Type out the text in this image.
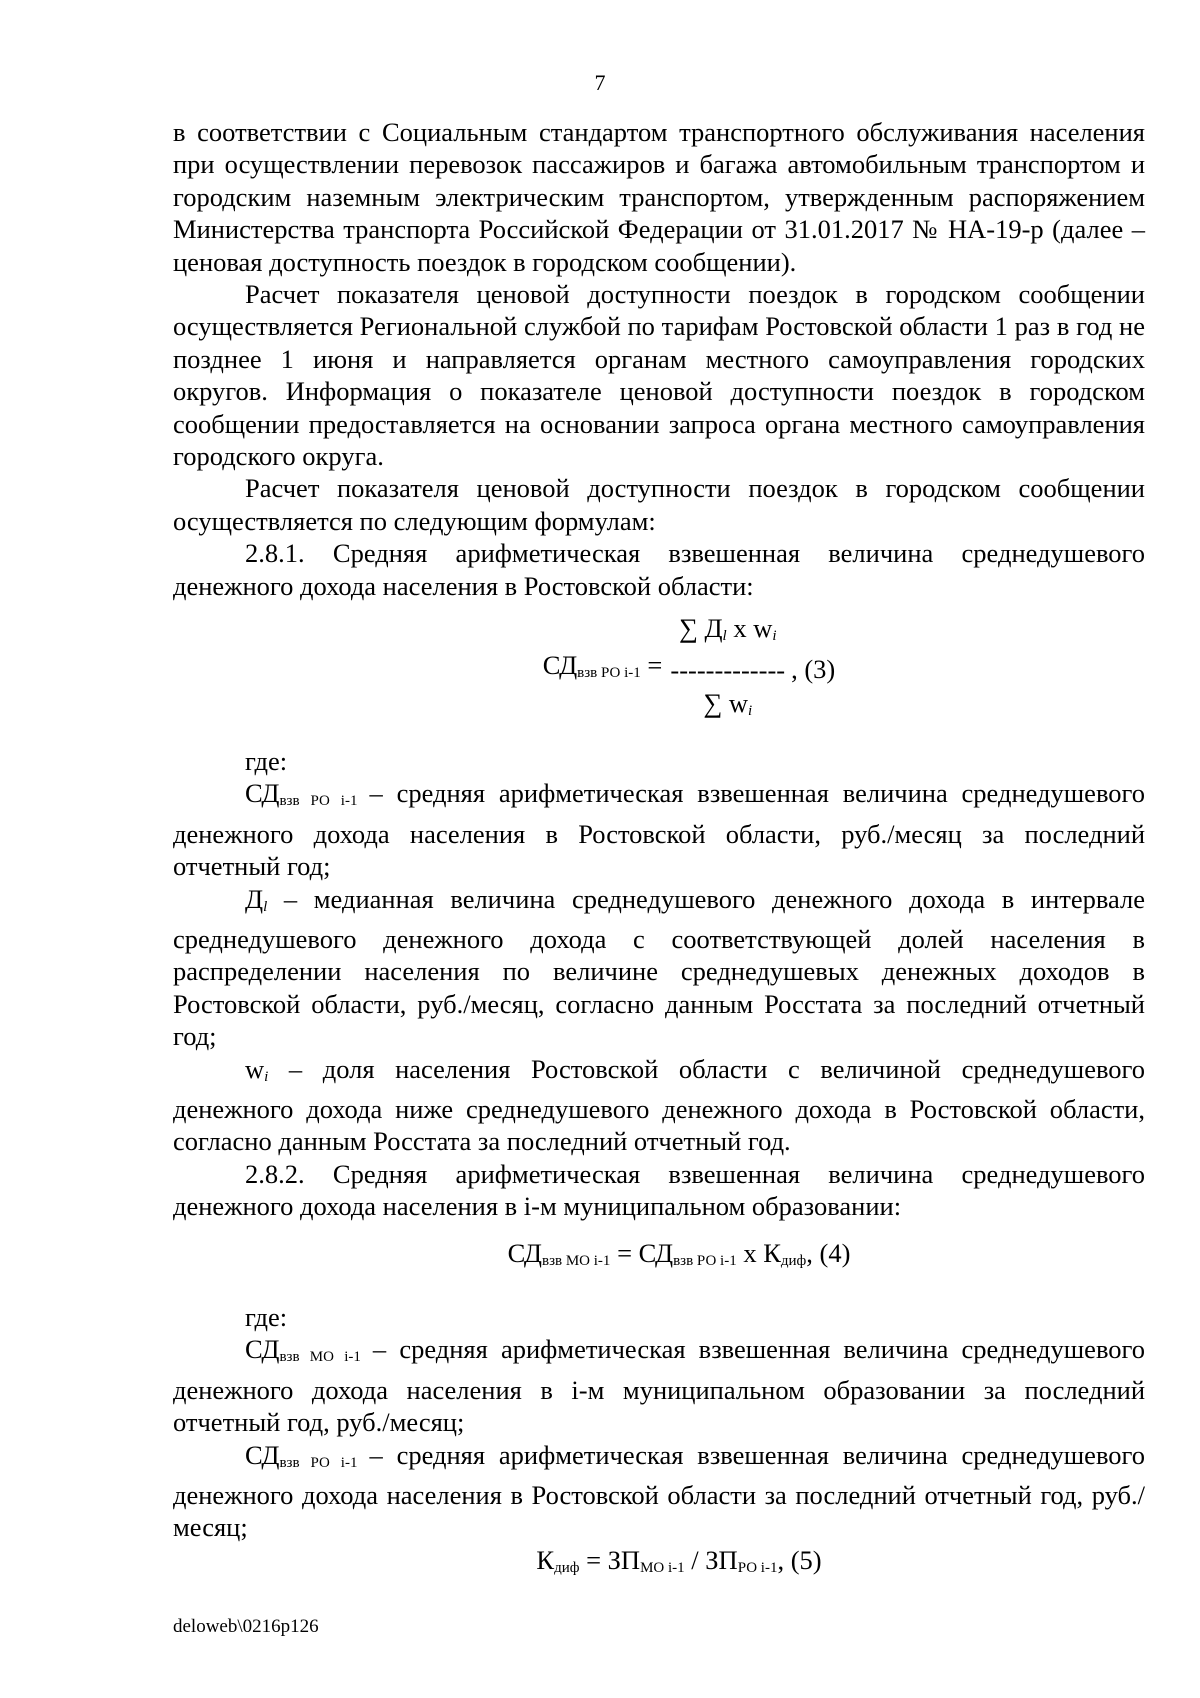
7

в соответствии с Социальным стандартом транспортного обслуживания населения при осуществлении перевозок пассажиров и багажа автомобильным транспортом и городским наземным электрическим транспортом, утвержденным распоряжением Министерства транспорта Российской Федерации от 31.01.2017 № НА-19-р (далее – ценовая доступность поездок в городском сообщении).

Расчет показателя ценовой доступности поездок в городском сообщении осуществляется Региональной службой по тарифам Ростовской области 1 раз в год не позднее 1 июня и направляется органам местного самоуправления городских округов. Информация о показателе ценовой доступности поездок в городском сообщении предоставляется на основании запроса органа местного самоуправления городского округа.

Расчет показателя ценовой доступности поездок в городском сообщении осуществляется по следующим формулам:

2.8.1. Средняя арифметическая взвешенная величина среднедушевого денежного дохода населения в Ростовской области:

$СД_{взв РО i-1}$ =
∑ $Д_l$ х $w_i$
-------------
∑ $w_i$
, (3)

где:

$СД_{взв РО i-1}$ – средняя арифметическая взвешенная величина среднедушевого денежного дохода населения в Ростовской области, руб./месяц за последний отчетный год;

$Д_l$ – медианная величина среднедушевого денежного дохода в интервале среднедушевого денежного дохода с соответствующей долей населения в распределении населения по величине среднедушевых денежных доходов в Ростовской области, руб./месяц, согласно данным Росстата за последний отчетный год;

$w_i$ – доля населения Ростовской области с величиной среднедушевого денежного дохода ниже среднедушевого денежного дохода в Ростовской области, согласно данным Росстата за последний отчетный год.

2.8.2. Средняя арифметическая взвешенная величина среднедушевого денежного дохода населения в i-м муниципальном образовании:

$СД_{взв МО i-1} = СД_{взв РО i-1}$ х $К_{диф}$, (4)

где:

$СД_{взв МО i-1}$ – средняя арифметическая взвешенная величина среднедушевого денежного дохода населения в i-м муниципальном образовании за последний отчетный год, руб./месяц;

$СД_{взв РО i-1}$ – средняя арифметическая взвешенная величина среднедушевого денежного дохода населения в Ростовской области за последний отчетный год, руб./месяц;

$К_{диф} = ЗП_{МО i-1} / ЗП_{РО i-1}$, (5)
deloweb\0216p126
